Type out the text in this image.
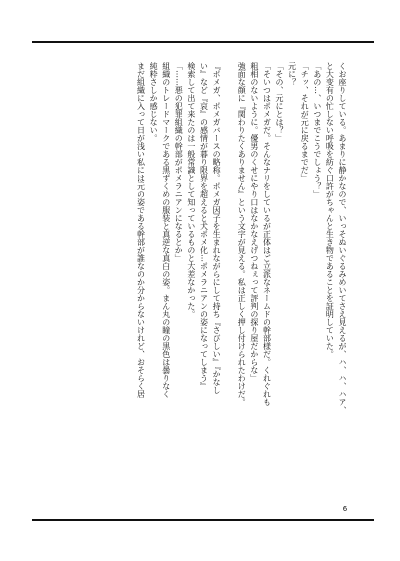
くお座りしている。あまりに静かなので、いっそぬいぐるみめいてさえ見えるが、ハ、ハ、ハア、

と大变有の忙しない呼吸を紡ぐ口許がちゃんと生き物であることを証明していた。

「あの…、いつまでこうでしょう？」

「チッ、それが元に戻るまでだ」

元に？

「その、元にとは？」

「そいつはポメガだ。そんなナリをしているが正体はご立派なネームドの幹部様だ。くれぐれも

粗相のないように。優男のくせにやり口はなかなえげつねぇって評判の探り屋だからな」

強面な顔に『関わりたくありません』という文字が見える。私は正しく押し付けられたわけだ。

『ポメガ、ポメガバースの略称。ポメガ因子を生まれながらにして持ち『さびしい』『かなし

い』など『哀』の感情が暮り限界を超えると犬ポメ化…ポメラニアンの姿になってしまう』

検索して出て来たのは一般常識として知っているものと大差なかった。

「……悪の犯罪組織の幹部がポメラニアンになるとか」

組織のトレードマークである黒ずくめの服装と真逆な真白の姿。まん丸の瞳の黒色は曇りなく

純粋さしか感じない。

まだ組織に入って日が浅い私には元の姿である幹部が誰なのか分からないけれど、おそらく居

6
